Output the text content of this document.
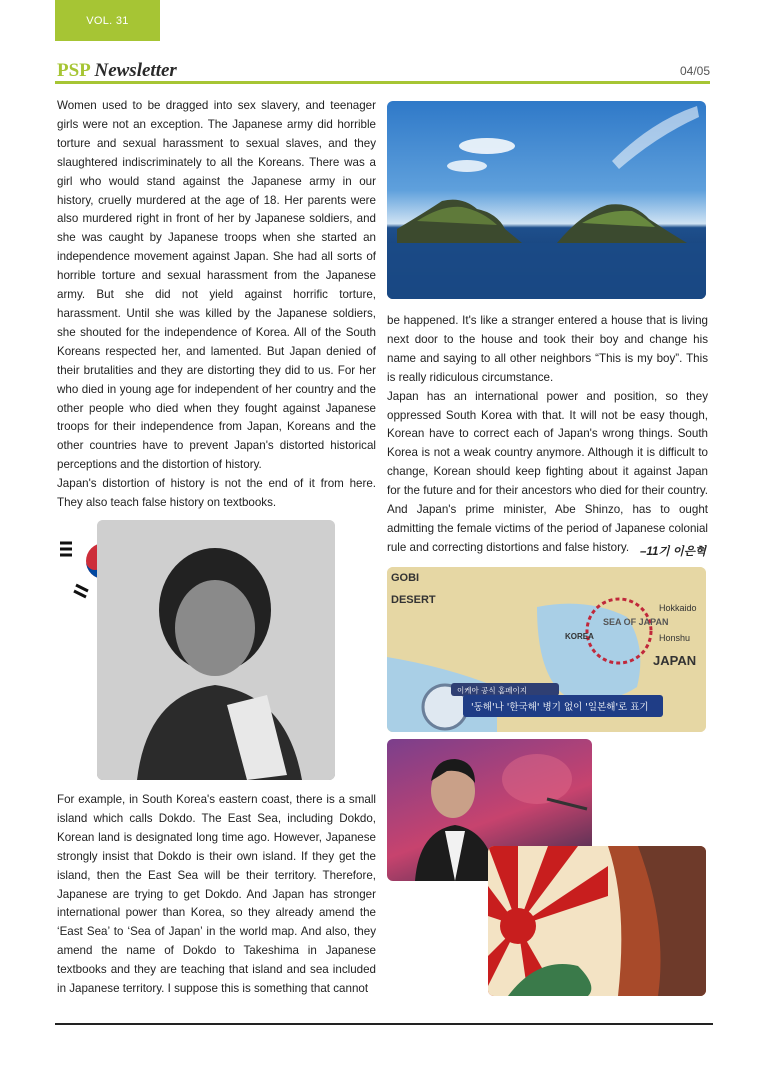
VOL. 31
PSP Newsletter	04/05

Women used to be dragged into sex slavery, and teenager girls were not an exception. The Japanese army did horrible torture and sexual harassment to sexual slaves, and they slaughtered indiscriminately to all the Koreans. There was a girl who would stand against the Japanese army in our history, cruelly murdered at the age of 18. Her parents were also murdered right in front of her by Japanese soldiers, and she was caught by Japanese troops when she started an independence movement against Japan. She had all sorts of horrible torture and sexual harassment from the Japanese army. But she did not yield against horrific torture, harassment. Until she was killed by the Japanese soldiers, she shouted for the independence of Korea. All of the South Koreans respected her, and lamented. But Japan denied of their brutalities and they are distorting they did to us. For her who died in young age for independent of her country and the other people who died when they fought against Japanese troops for their independence from Japan, Koreans and the other countries have to prevent Japan's distorted historical perceptions and the distortion of history.

Japan's distortion of history is not the end of it from here. They also teach false history on textbooks.

For example, in South Korea's eastern coast, there is a small island which calls Dokdo. The East Sea, including Dokdo, Korean land is designated long time ago. However, Japanese strongly insist that Dokdo is their own island. If they get the island, then the East Sea will be their territory. Therefore, Japanese are trying to get Dokdo. And Japan has stronger international power than Korea, so they already amend the ‘East Sea’ to ‘Sea of Japan’ in the world map. And also, they amend the name of Dokdo to Takeshima in Japanese textbooks and they are teaching that island and sea included in Japanese territory. I suppose this is something that cannot

be happened. It's like a stranger entered a house that is living next door to the house and took their boy and change his name and saying to all other neighbors “This is my boy”. This is really ridiculous circumstance.

Japan has an international power and position, so they oppressed South Korea with that. It will not be easy though, Korean have to correct each of Japan's wrong things. South Korea is not a weak country anymore. Although it is difficult to change, Korean should keep fighting about it against Japan for the future and for their ancestors who died for their country. And Japan's prime minister, Abe Shinzo, has to ought admitting the female victims of the period of Japanese colonial rule and correcting distortions and false history. –11기 이은혁
GOBI
DESERT
SEA OF JAPAN
KOREA
JAPAN
Honshu
Hokkaido
이케아 공식 홈페이지
'동해'나 '한국해' 병기 없이 '일본해'로 표기
